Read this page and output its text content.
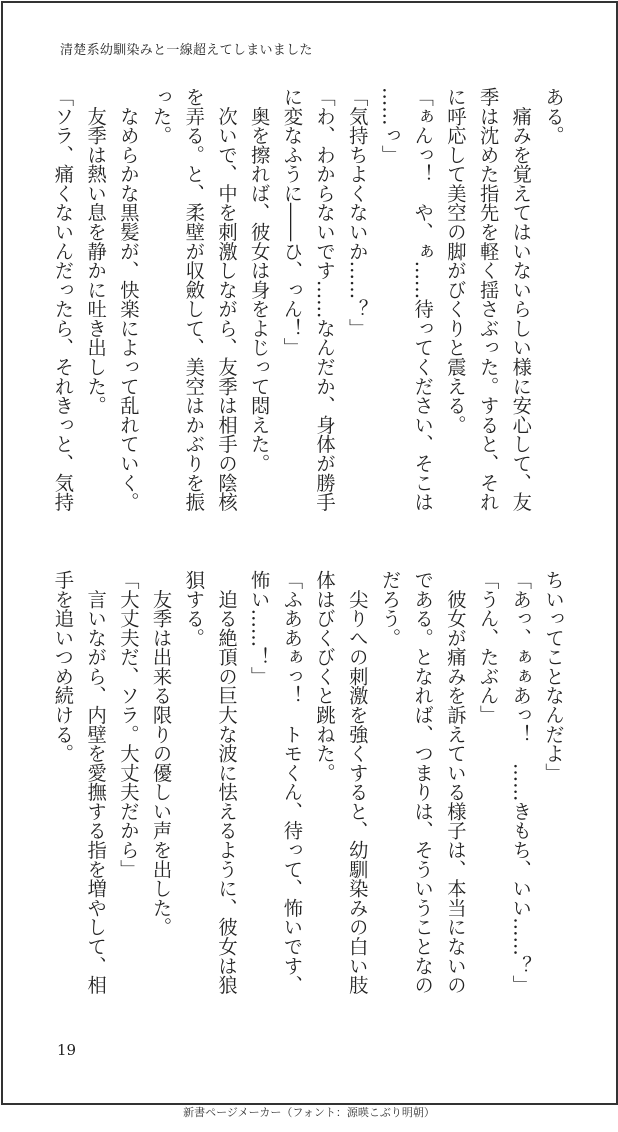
清楚系幼馴染みと一線超えてしまいました
ある。
　痛みを覚えてはいないらしい様に安心して、友
季は沈めた指先を軽く揺さぶった。すると、それ
に呼応して美空の脚がびくりと震える。
「ぁんっ！　や、ぁ……待ってください、そこは
……っ」
「気持ちよくないか……？」
「わ、わからないです……なんだか、身体が勝手
に変なふうに――ひ、っん！」
　奥を擦れば、彼女は身をよじって悶えた。
　次いで、中を刺激しながら、友季は相手の陰核
を弄る。と、柔壁が収斂して、美空はかぶりを振
った。
　なめらかな黒髪が、快楽によって乱れていく。
　友季は熱い息を静かに吐き出した。
「ソラ、痛くないんだったら、それきっと、気持
ちいってことなんだよ」
「あっ、ぁぁあっ！　……きもち、いい……？」
「うん、たぶん」
　彼女が痛みを訴えている様子は、本当にないの
である。となれば、つまりは、そういうことなの
だろう。
　尖りへの刺激を強くすると、幼馴染みの白い肢
体はびくびくと跳ねた。
「ふああぁっ！　トモくん、待って、怖いです、
怖い……！」
　迫る絶頂の巨大な波に怯えるように、彼女は狼
狽する。
　友季は出来る限りの優しい声を出した。
「大丈夫だ、ソラ。大丈夫だから」
　言いながら、内壁を愛撫する指を増やして、相
手を追いつめ続ける。
19
新書ページメーカー（フォント：源暎こぶり明朝）
